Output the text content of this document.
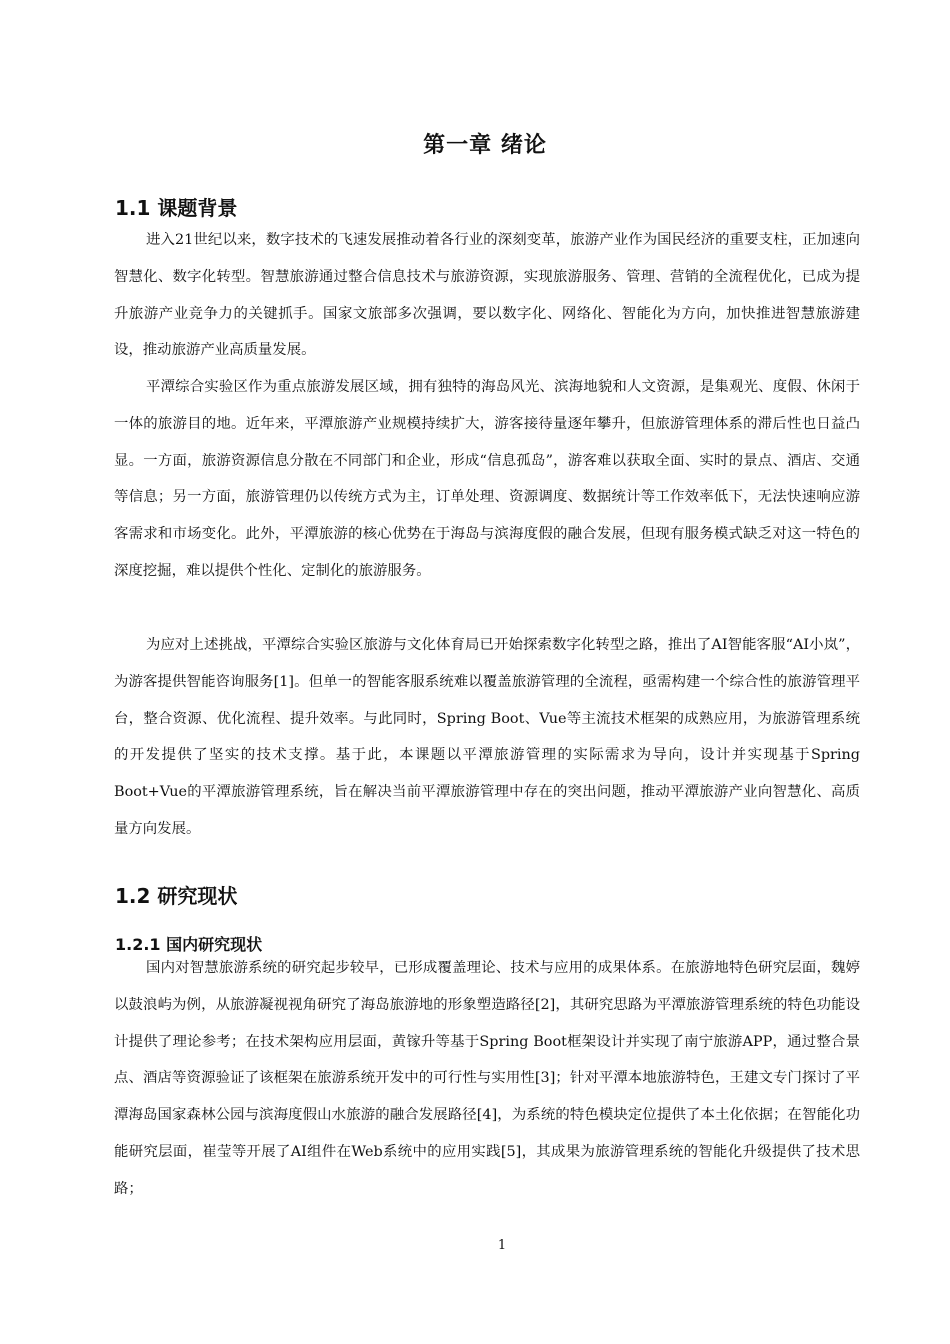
第一章 绪论
1.1 课题背景

进入21世纪以来，数字技术的飞速发展推动着各行业的深刻变革，旅游产业作为国民经济的重要支柱，正加速向智慧化、数字化转型。智慧旅游通过整合信息技术与旅游资源，实现旅游服务、管理、营销的全流程优化，已成为提升旅游产业竞争力的关键抓手。国家文旅部多次强调，要以数字化、网络化、智能化为方向，加快推进智慧旅游建设，推动旅游产业高质量发展。

平潭综合实验区作为重点旅游发展区域，拥有独特的海岛风光、滨海地貌和人文资源，是集观光、度假、休闲于一体的旅游目的地。近年来，平潭旅游产业规模持续扩大，游客接待量逐年攀升，但旅游管理体系的滞后性也日益凸显。一方面，旅游资源信息分散在不同部门和企业，形成“信息孤岛”，游客难以获取全面、实时的景点、酒店、交通等信息；另一方面，旅游管理仍以传统方式为主，订单处理、资源调度、数据统计等工作效率低下，无法快速响应游客需求和市场变化。此外，平潭旅游的核心优势在于海岛与滨海度假的融合发展，但现有服务模式缺乏对这一特色的深度挖掘，难以提供个性化、定制化的旅游服务。

为应对上述挑战，平潭综合实验区旅游与文化体育局已开始探索数字化转型之路，推出了AI智能客服“AI小岚”，为游客提供智能咨询服务[1]。但单一的智能客服系统难以覆盖旅游管理的全流程，亟需构建一个综合性的旅游管理平台，整合资源、优化流程、提升效率。与此同时，Spring Boot、Vue等主流技术框架的成熟应用，为旅游管理系统的开发提供了坚实的技术支撑。基于此，本课题以平潭旅游管理的实际需求为导向，设计并实现基于Spring Boot+Vue的平潭旅游管理系统，旨在解决当前平潭旅游管理中存在的突出问题，推动平潭旅游产业向智慧化、高质量方向发展。

1.2 研究现状
1.2.1 国内研究现状

国内对智慧旅游系统的研究起步较早，已形成覆盖理论、技术与应用的成果体系。在旅游地特色研究层面，魏婷以鼓浪屿为例，从旅游凝视视角研究了海岛旅游地的形象塑造路径[2]，其研究思路为平潭旅游管理系统的特色功能设计提供了理论参考；在技术架构应用层面，黄镓升等基于Spring Boot框架设计并实现了南宁旅游APP，通过整合景点、酒店等资源验证了该框架在旅游系统开发中的可行性与实用性[3]；针对平潭本地旅游特色，王建文专门探讨了平潭海岛国家森林公园与滨海度假山水旅游的融合发展路径[4]，为系统的特色模块定位提供了本土化依据；在智能化功能研究层面，崔莹等开展了AI组件在Web系统中的应用实践[5]，其成果为旅游管理系统的智能化升级提供了技术思路；

1
